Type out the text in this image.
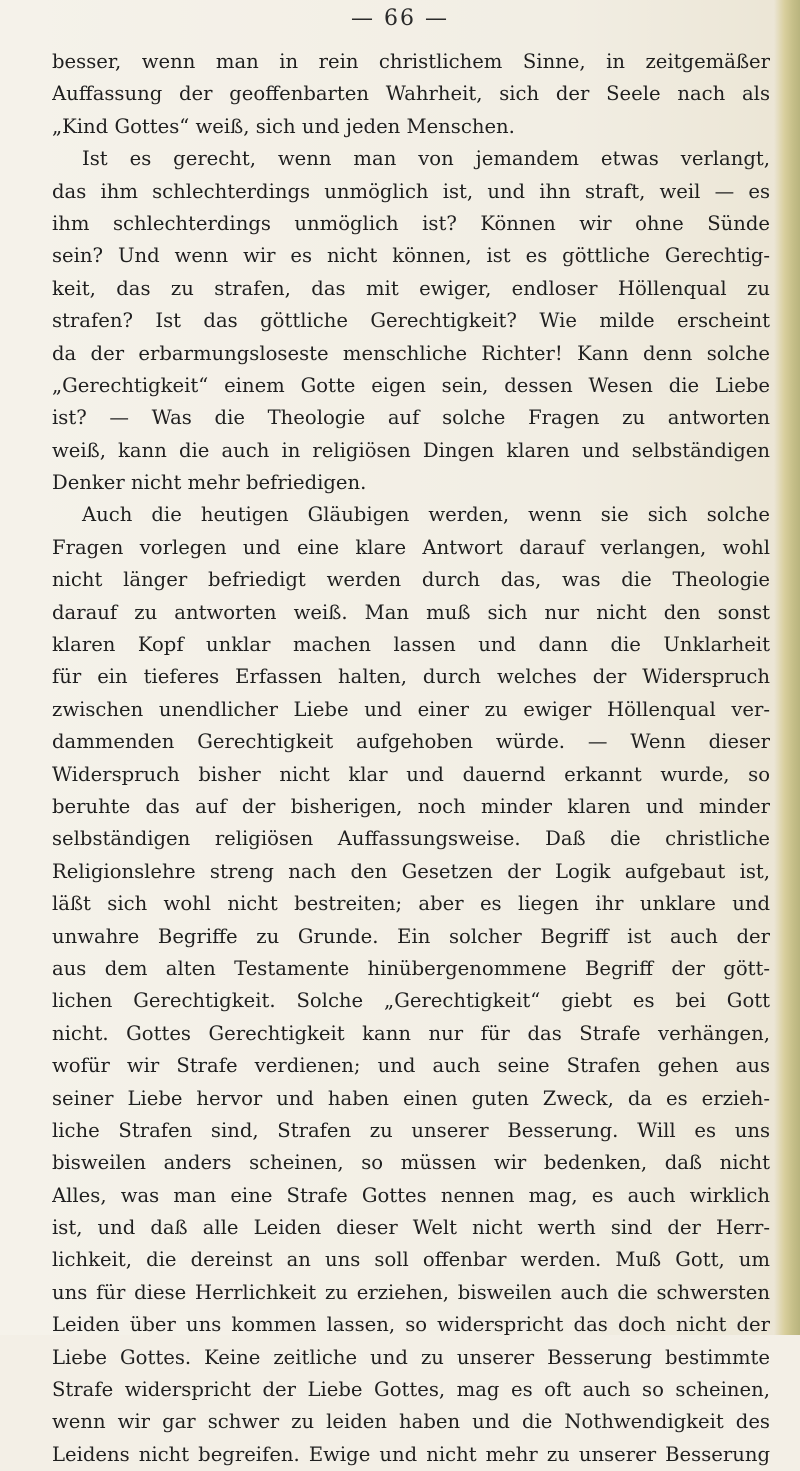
— 66 —
besser, wenn man in rein christlichem Sinne, in zeitgemäßer
Auffassung der geoffenbarten Wahrheit, sich der Seele nach als
„Kind Gottes“ weiß, sich und jeden Menschen.
Ist es gerecht, wenn man von jemandem etwas verlangt,
das ihm schlechterdings unmöglich ist, und ihn straft, weil — es
ihm schlechterdings unmöglich ist? Können wir ohne Sünde
sein? Und wenn wir es nicht können, ist es göttliche Gerechtig-
keit, das zu strafen, das mit ewiger, endloser Höllenqual zu
strafen? Ist das göttliche Gerechtigkeit? Wie milde erscheint
da der erbarmungsloseste menschliche Richter! Kann denn solche
„Gerechtigkeit“ einem Gotte eigen sein, dessen Wesen die Liebe
ist? — Was die Theologie auf solche Fragen zu antworten
weiß, kann die auch in religiösen Dingen klaren und selbständigen
Denker nicht mehr befriedigen.
Auch die heutigen Gläubigen werden, wenn sie sich solche
Fragen vorlegen und eine klare Antwort darauf verlangen, wohl
nicht länger befriedigt werden durch das, was die Theologie
darauf zu antworten weiß. Man muß sich nur nicht den sonst
klaren Kopf unklar machen lassen und dann die Unklarheit
für ein tieferes Erfassen halten, durch welches der Widerspruch
zwischen unendlicher Liebe und einer zu ewiger Höllenqual ver-
dammenden Gerechtigkeit aufgehoben würde. — Wenn dieser
Widerspruch bisher nicht klar und dauernd erkannt wurde, so
beruhte das auf der bisherigen, noch minder klaren und minder
selbständigen religiösen Auffassungsweise. Daß die christliche
Religionslehre streng nach den Gesetzen der Logik aufgebaut ist,
läßt sich wohl nicht bestreiten; aber es liegen ihr unklare und
unwahre Begriffe zu Grunde. Ein solcher Begriff ist auch der
aus dem alten Testamente hinübergenommene Begriff der gött-
lichen Gerechtigkeit. Solche „Gerechtigkeit“ giebt es bei Gott
nicht. Gottes Gerechtigkeit kann nur für das Strafe verhängen,
wofür wir Strafe verdienen; und auch seine Strafen gehen aus
seiner Liebe hervor und haben einen guten Zweck, da es erzieh-
liche Strafen sind, Strafen zu unserer Besserung. Will es uns
bisweilen anders scheinen, so müssen wir bedenken, daß nicht
Alles, was man eine Strafe Gottes nennen mag, es auch wirklich
ist, und daß alle Leiden dieser Welt nicht werth sind der Herr-
lichkeit, die dereinst an uns soll offenbar werden. Muß Gott, um
uns für diese Herrlichkeit zu erziehen, bisweilen auch die schwersten
Leiden über uns kommen lassen, so widerspricht das doch nicht der
Liebe Gottes. Keine zeitliche und zu unserer Besserung bestimmte
Strafe widerspricht der Liebe Gottes, mag es oft auch so scheinen,
wenn wir gar schwer zu leiden haben und die Nothwendigkeit des
Leidens nicht begreifen. Ewige und nicht mehr zu unserer Besserung
